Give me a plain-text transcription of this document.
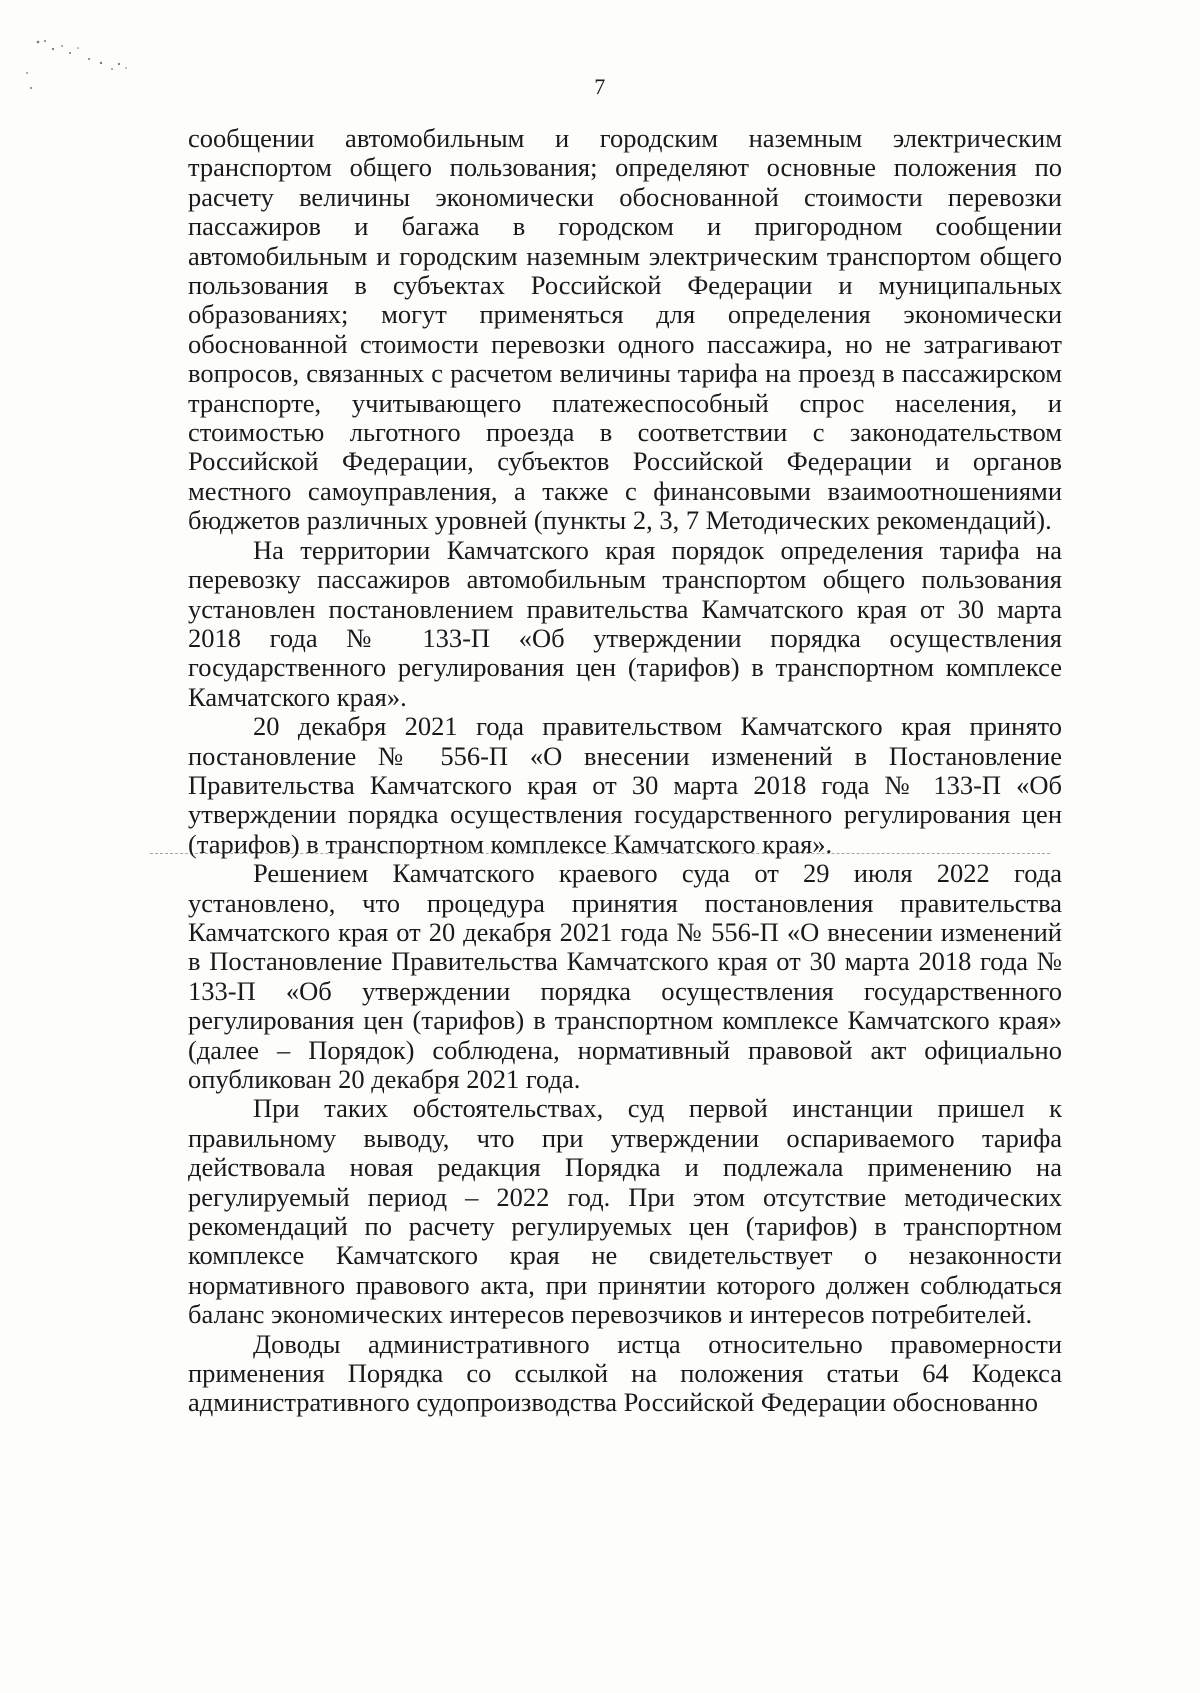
7

сообщении автомобильным и городским наземным электрическим транспортом общего пользования; определяют основные положения по расчету величины экономически обоснованной стоимости перевозки пассажиров и багажа в городском и пригородном сообщении автомобильным и городским наземным электрическим транспортом общего пользования в субъектах Российской Федерации и муниципальных образованиях; могут применяться для определения экономически обоснованной стоимости перевозки одного пассажира, но не затрагивают вопросов, связанных с расчетом величины тарифа на проезд в пассажирском транспорте, учитывающего платежеспособный спрос населения, и стоимостью льготного проезда в соответствии с законодательством Российской Федерации, субъектов Российской Федерации и органов местного самоуправления, а также с финансовыми взаимоотношениями бюджетов различных уровней (пункты 2, 3, 7 Методических рекомендаций).

На территории Камчатского края порядок определения тарифа на перевозку пассажиров автомобильным транспортом общего пользования установлен постановлением правительства Камчатского края от 30 марта 2018 года № 133-П «Об утверждении порядка осуществления государственного регулирования цен (тарифов) в транспортном комплексе Камчатского края».

20 декабря 2021 года правительством Камчатского края принято постановление № 556-П «О внесении изменений в Постановление Правительства Камчатского края от 30 марта 2018 года № 133-П «Об утверждении порядка осуществления государственного регулирования цен (тарифов) в транспортном комплексе Камчатского края».

Решением Камчатского краевого суда от 29 июля 2022 года установлено, что процедура принятия постановления правительства Камчатского края от 20 декабря 2021 года № 556-П «О внесении изменений в Постановление Правительства Камчатского края от 30 марта 2018 года № 133-П «Об утверждении порядка осуществления государственного регулирования цен (тарифов) в транспортном комплексе Камчатского края» (далее – Порядок) соблюдена, нормативный правовой акт официально опубликован 20 декабря 2021 года.

При таких обстоятельствах, суд первой инстанции пришел к правильному выводу, что при утверждении оспариваемого тарифа действовала новая редакция Порядка и подлежала применению на регулируемый период – 2022 год. При этом отсутствие методических рекомендаций по расчету регулируемых цен (тарифов) в транспортном комплексе Камчатского края не свидетельствует о незаконности нормативного правового акта, при принятии которого должен соблюдаться баланс экономических интересов перевозчиков и интересов потребителей.

Доводы административного истца относительно правомерности применения Порядка со ссылкой на положения статьи 64 Кодекса административного судопроизводства Российской Федерации обоснованно
